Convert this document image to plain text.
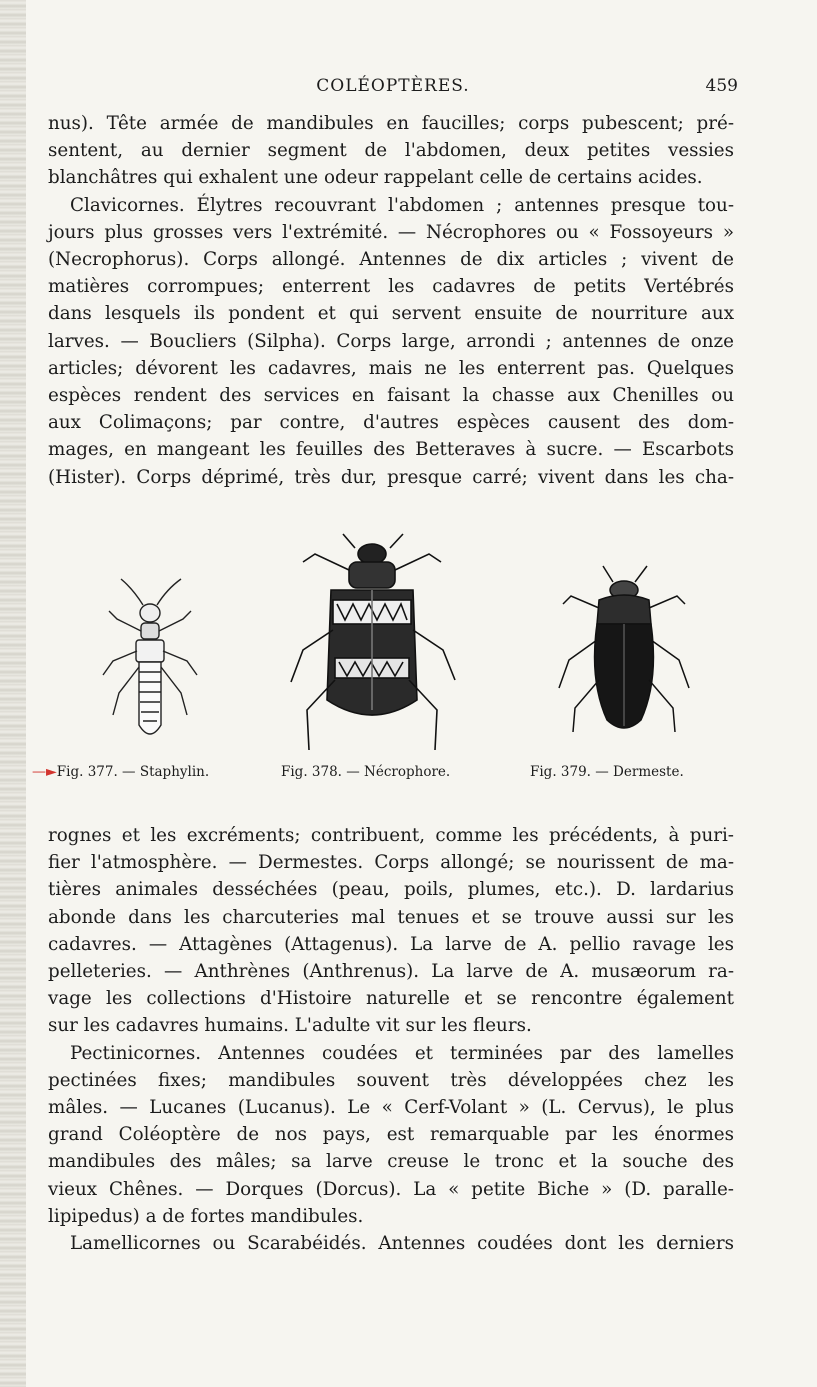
COLÉOPTÈRES.	459
nus). Tête armée de mandibules en faucilles; corps pubescent; pré-
sentent, au dernier segment de l'abdomen, deux petites vessies
blanchâtres qui exhalent une odeur rappelant celle de certains acides.
Clavicornes. Élytres recouvrant l'abdomen ; antennes presque tou-
jours plus grosses vers l'extrémité. — Nécrophores ou « Fossoyeurs »
(Necrophorus). Corps allongé. Antennes de dix articles ; vivent de
matières corrompues; enterrent les cadavres de petits Vertébrés
dans lesquels ils pondent et qui servent ensuite de nourriture aux
larves. — Boucliers (Silpha). Corps large, arrondi ; antennes de onze
articles; dévorent les cadavres, mais ne les enterrent pas. Quelques
espèces rendent des services en faisant la chasse aux Chenilles ou
aux Colimaçons; par contre, d'autres espèces causent des dom-
mages, en mangeant les feuilles des Betteraves à sucre. — Escarbots
(Hister). Corps déprimé, très dur, presque carré; vivent dans les cha-
—►Fig. 377. — Staphylin.	Fig. 378. — Nécrophore.	Fig. 379. — Dermeste.
rognes et les excréments; contribuent, comme les précédents, à puri-
fier l'atmosphère. — Dermestes. Corps allongé; se nourissent de ma-
tières animales desséchées (peau, poils, plumes, etc.). D. lardarius
abonde dans les charcuteries mal tenues et se trouve aussi sur les
cadavres. — Attagènes (Attagenus). La larve de A. pellio ravage les
pelleteries. — Anthrènes (Anthrenus). La larve de A. musæorum ra-
vage les collections d'Histoire naturelle et se rencontre également
sur les cadavres humains. L'adulte vit sur les fleurs.
Pectinicornes. Antennes coudées et terminées par des lamelles
pectinées fixes; mandibules souvent très développées chez les
mâles. — Lucanes (Lucanus). Le « Cerf-Volant » (L. Cervus), le plus
grand Coléoptère de nos pays, est remarquable par les énormes
mandibules des mâles; sa larve creuse le tronc et la souche des
vieux Chênes. — Dorques (Dorcus). La « petite Biche » (D. paralle-
lipipedus) a de fortes mandibules.
Lamellicornes ou Scarabéidés. Antennes coudées dont les derniers
